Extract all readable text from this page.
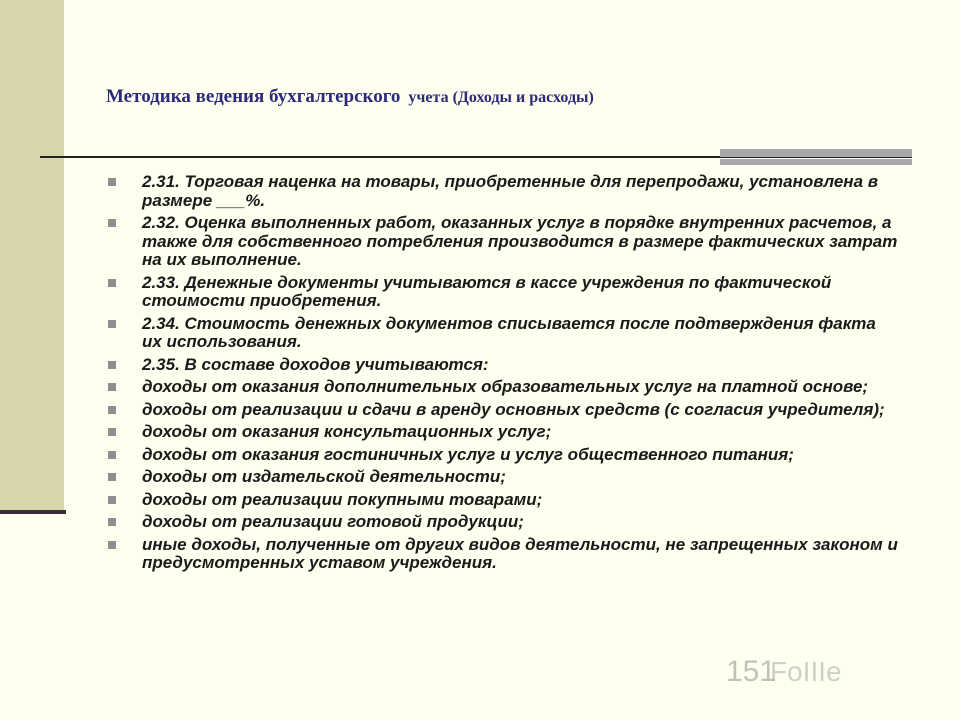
Методика ведения бухгалтерского учета (Доходы и расходы)
2.31. Торговая наценка на товары, приобретенные для перепродажи, установлена в размере ___%.
2.32. Оценка выполненных работ, оказанных услуг в порядке внутренних расчетов, а также для собственного потребления производится в размере фактических затрат на их выполнение.
2.33. Денежные документы учитываются в кассе учреждения по фактической стоимости приобретения.
2.34. Стоимость денежных документов списывается после подтверждения факта их использования.
2.35. В составе доходов учитываются:
доходы от оказания дополнительных образовательных услуг на платной основе;
доходы от реализации и сдачи в аренду основных средств (с согласия учредителя);
доходы от оказания консультационных услуг;
доходы от оказания гостиничных услуг и услуг общественного питания;
доходы от издательской деятельности;
доходы от реализации покупными товарами;
доходы от реализации готовой продукции;
иные доходы, полученные от других видов деятельности, не запрещенных законом и предусмотренных уставом учреждения.
151
FoIIIe
